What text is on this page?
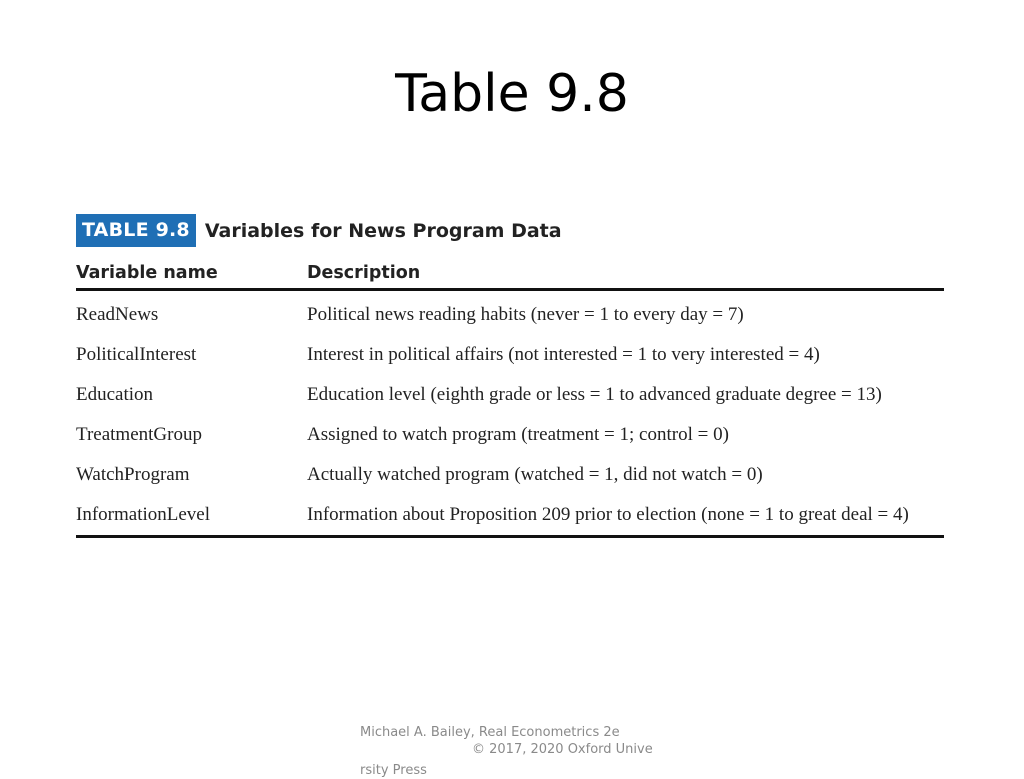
Table 9.8
TABLE 9.8 Variables for News Program Data
Variable name	Description
ReadNews	Political news reading habits (never = 1 to every day = 7)
PoliticalInterest	Interest in political affairs (not interested = 1 to very interested = 4)
Education	Education level (eighth grade or less = 1 to advanced graduate degree = 13)
TreatmentGroup	Assigned to watch program (treatment = 1; control = 0)
WatchProgram	Actually watched program (watched = 1, did not watch = 0)
InformationLevel	Information about Proposition 209 prior to election (none = 1 to great deal = 4)
Michael A. Bailey, Real Econometrics 2e
© 2017, 2020 Oxford Unive
rsity Press
